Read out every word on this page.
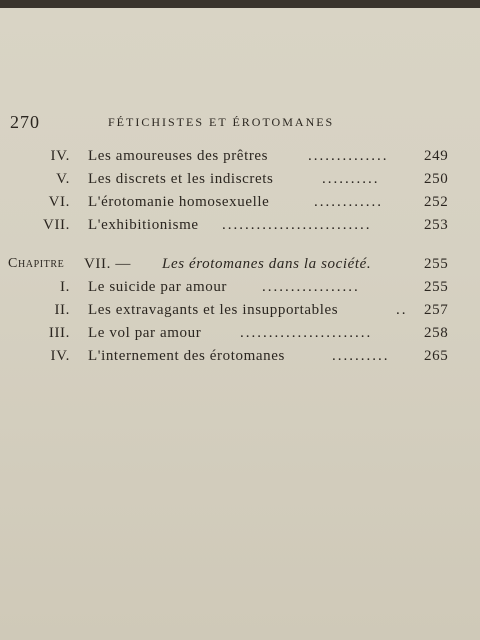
270	FÉTICHISTES ET ÉROTOMANES
IV. Les amoureuses des prêtres	..............	249
V. Les discrets et les indiscrets	..........	250
VI. L'érotomanie homosexuelle	............	252
VII. L'exhibitionisme ..........................	253
Chapitre VII. — Les érotomanes dans la société.	255
I. Le suicide par amour .................	255
II. Les extravagants et les insupportables	..	257
III. Le vol par amour	.......................	258
IV. L'internement des érotomanes	..........	265
